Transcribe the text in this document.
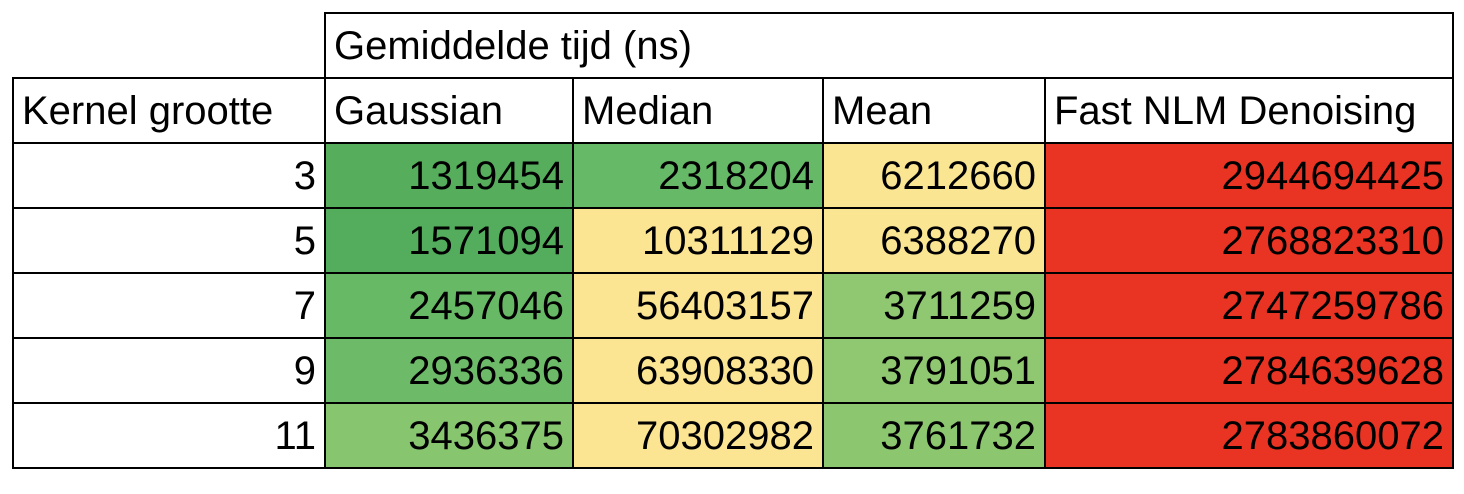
	Gemiddelde tijd (ns)			
Kernel grootte	Gaussian	Median	Mean	Fast NLM Denoising
3	1319454	2318204	6212660	2944694425
5	1571094	10311129	6388270	2768823310
7	2457046	56403157	3711259	2747259786
9	2936336	63908330	3791051	2784639628
11	3436375	70302982	3761732	2783860072
